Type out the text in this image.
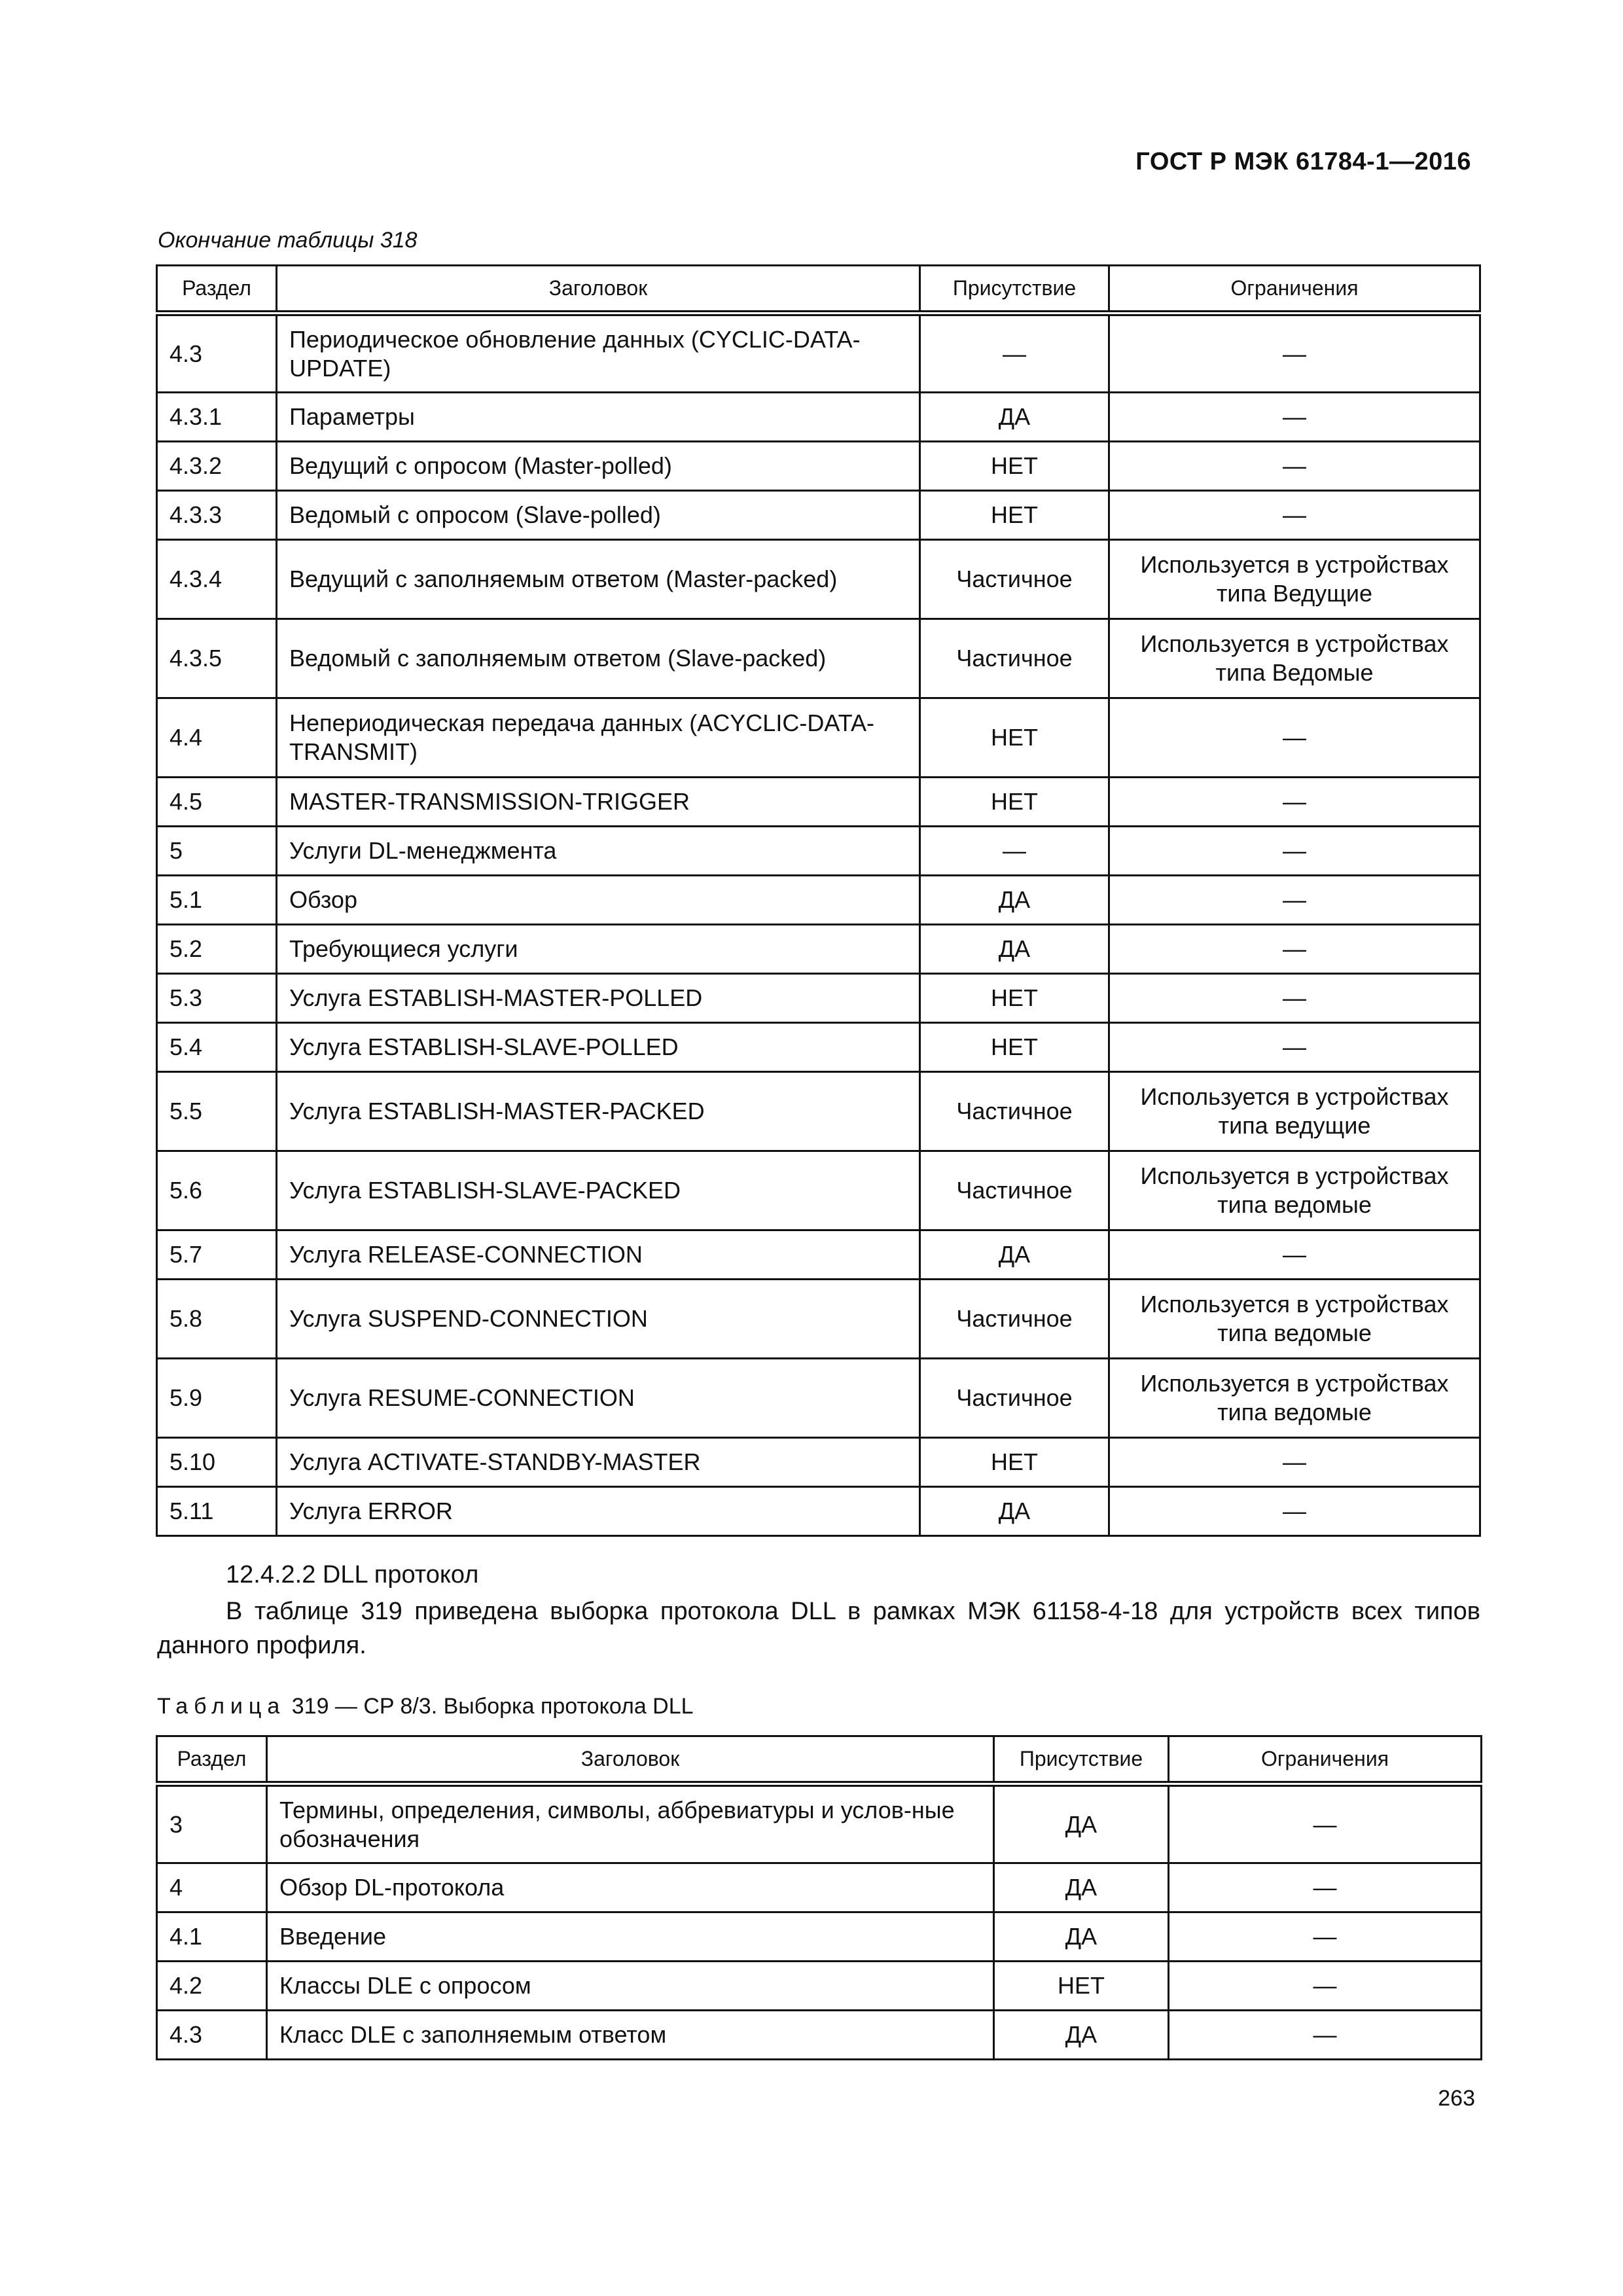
ГОСТ Р МЭК 61784-1—2016
Окончание таблицы 318
Раздел	Заголовок	Присутствие	Ограничения
4.3	Периодическое обновление данных (CYCLIC-DATA-UPDATE)	—	—
4.3.1	Параметры	ДА	—
4.3.2	Ведущий с опросом (Master-polled)	НЕТ	—
4.3.3	Ведомый с опросом (Slave-polled)	НЕТ	—
4.3.4	Ведущий с заполняемым ответом (Master-packed)	Частичное	Используется в устройствах типа Ведущие
4.3.5	Ведомый с заполняемым ответом (Slave-packed)	Частичное	Используется в устройствах типа Ведомые
4.4	Непериодическая передача данных (ACYCLIC-DATA-TRANSMIT)	НЕТ	—
4.5	MASTER-TRANSMISSION-TRIGGER	НЕТ	—
5	Услуги DL-менеджмента	—	—
5.1	Обзор	ДА	—
5.2	Требующиеся услуги	ДА	—
5.3	Услуга ESTABLISH-MASTER-POLLED	НЕТ	—
5.4	Услуга ESTABLISH-SLAVE-POLLED	НЕТ	—
5.5	Услуга ESTABLISH-MASTER-PACKED	Частичное	Используется в устройствах типа ведущие
5.6	Услуга ESTABLISH-SLAVE-PACKED	Частичное	Используется в устройствах типа ведомые
5.7	Услуга RELEASE-CONNECTION	ДА	—
5.8	Услуга SUSPEND-CONNECTION	Частичное	Используется в устройствах типа ведомые
5.9	Услуга RESUME-CONNECTION	Частичное	Используется в устройствах типа ведомые
5.10	Услуга ACTIVATE-STANDBY-MASTER	НЕТ	—
5.11	Услуга ERROR	ДА	—
12.4.2.2 DLL протокол
В таблице 319 приведена выборка протокола DLL в рамках МЭК 61158-4-18 для устройств всех типов данного профиля.
Таблица 319 — CP 8/3. Выборка протокола DLL
Раздел	Заголовок	Присутствие	Ограничения
3	Термины, определения, символы, аббревиатуры и услов-ные обозначения	ДА	—
4	Обзор DL-протокола	ДА	—
4.1	Введение	ДА	—
4.2	Классы DLE с опросом	НЕТ	—
4.3	Класс DLE с заполняемым ответом	ДА	—
263
